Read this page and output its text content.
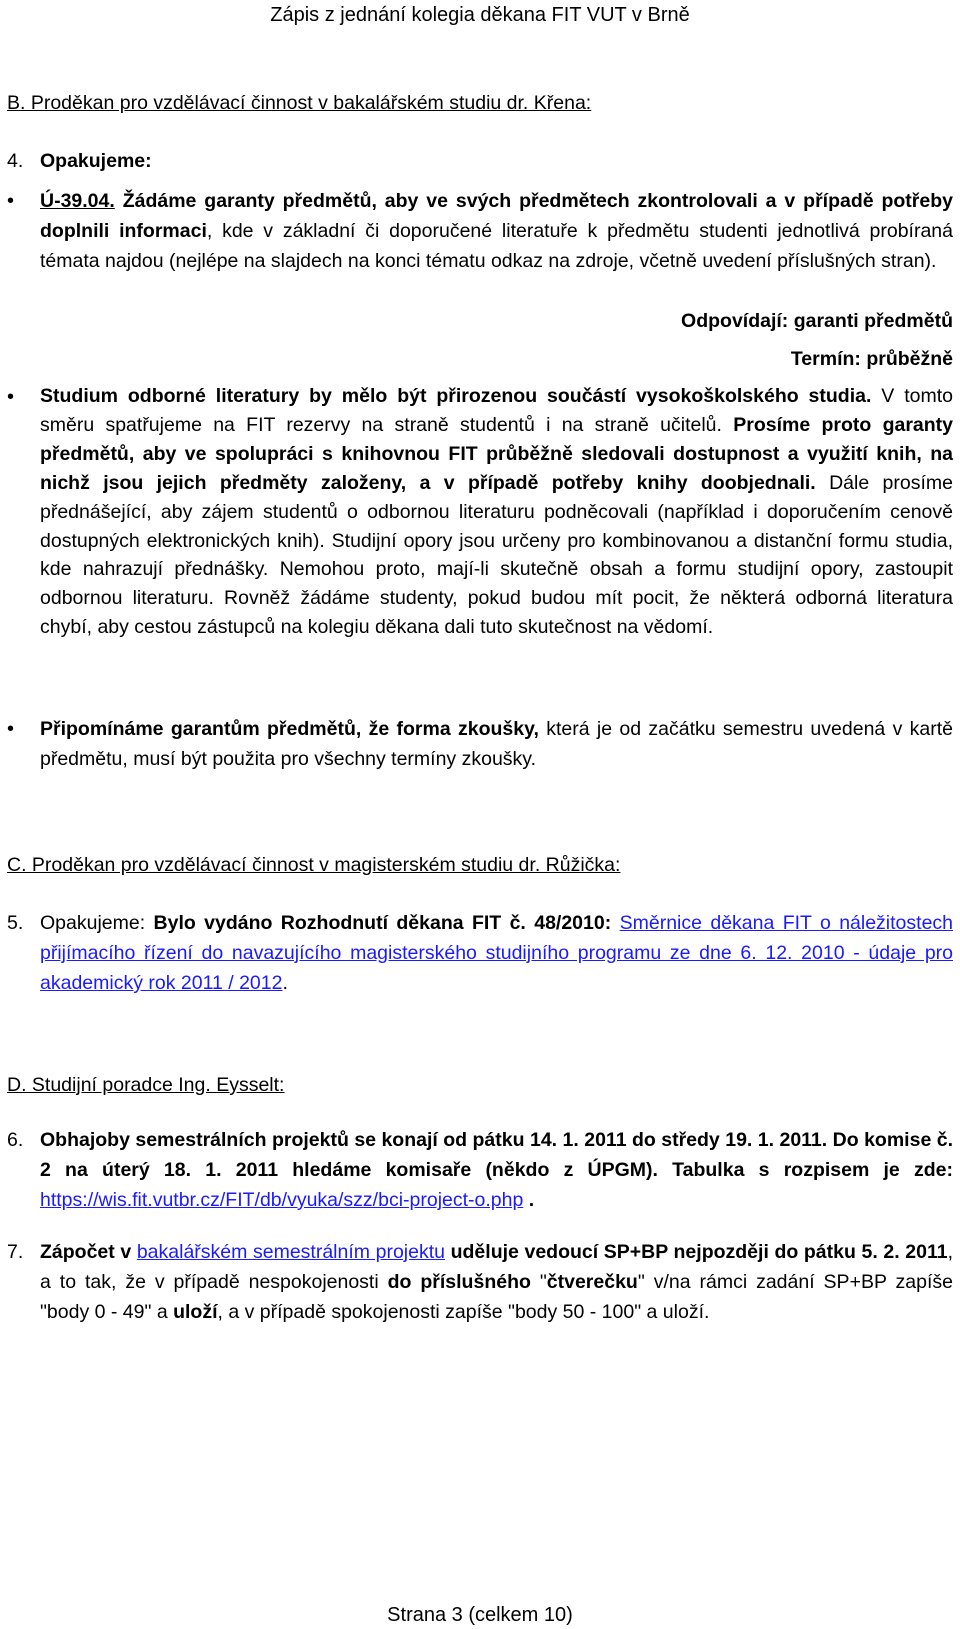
Zápis z jednání kolegia děkana FIT VUT v Brně
B. Proděkan pro vzdělávací činnost v bakalářském studiu dr. Křena:
4. Opakujeme:
• Ú-39.04. Žádáme garanty předmětů, aby ve svých předmětech zkontrolovali a v případě potřeby doplnili informaci, kde v základní či doporučené literatuře k předmětu studenti jednotlivá probíraná témata najdou (nejlépe na slajdech na konci tématu odkaz na zdroje, včetně uvedení příslušných stran).
Odpovídají: garanti předmětů
Termín: průběžně
• Studium odborné literatury by mělo být přirozenou součástí vysokoškolského studia. V tomto směru spatřujeme na FIT rezervy na straně studentů i na straně učitelů. Prosíme proto garanty předmětů, aby ve spolupráci s knihovnou FIT průběžně sledovali dostupnost a využití knih, na nichž jsou jejich předměty založeny, a v případě potřeby knihy doobjednali. Dále prosíme přednášející, aby zájem studentů o odbornou literaturu podněcovali (například i doporučením cenově dostupných elektronických knih). Studijní opory jsou určeny pro kombinovanou a distanční formu studia, kde nahrazují přednášky. Nemohou proto, mají-li skutečně obsah a formu studijní opory, zastoupit odbornou literaturu. Rovněž žádáme studenty, pokud budou mít pocit, že některá odborná literatura chybí, aby cestou zástupců na kolegiu děkana dali tuto skutečnost na vědomí.
• Připomínáme garantům předmětů, že forma zkoušky, která je od začátku semestru uvedená v kartě předmětu, musí být použita pro všechny termíny zkoušky.
C. Proděkan pro vzdělávací činnost v magisterském studiu dr. Růžička:
5. Opakujeme: Bylo vydáno Rozhodnutí děkana FIT č. 48/2010: Směrnice děkana FIT o náležitostech přijímacího řízení do navazujícího magisterského studijního programu ze dne 6. 12. 2010 - údaje pro akademický rok 2011 / 2012.
D. Studijní poradce Ing. Eysselt:
6. Obhajoby semestrálních projektů se konají od pátku 14. 1. 2011 do středy 19. 1. 2011. Do komise č. 2 na úterý 18. 1. 2011 hledáme komisaře (někdo z ÚPGM). Tabulka s rozpisem je zde: https://wis.fit.vutbr.cz/FIT/db/vyuka/szz/bci-project-o.php .
7. Zápočet v bakalářském semestrálním projektu uděluje vedoucí SP+BP nejpozději do pátku 5. 2. 2011, a to tak, že v případě nespokojenosti do příslušného "čtverečku" v/na rámci zadání SP+BP zapíše "body 0 - 49" a uloží, a v případě spokojenosti zapíše "body 50 - 100" a uloží.
Strana 3 (celkem 10)
